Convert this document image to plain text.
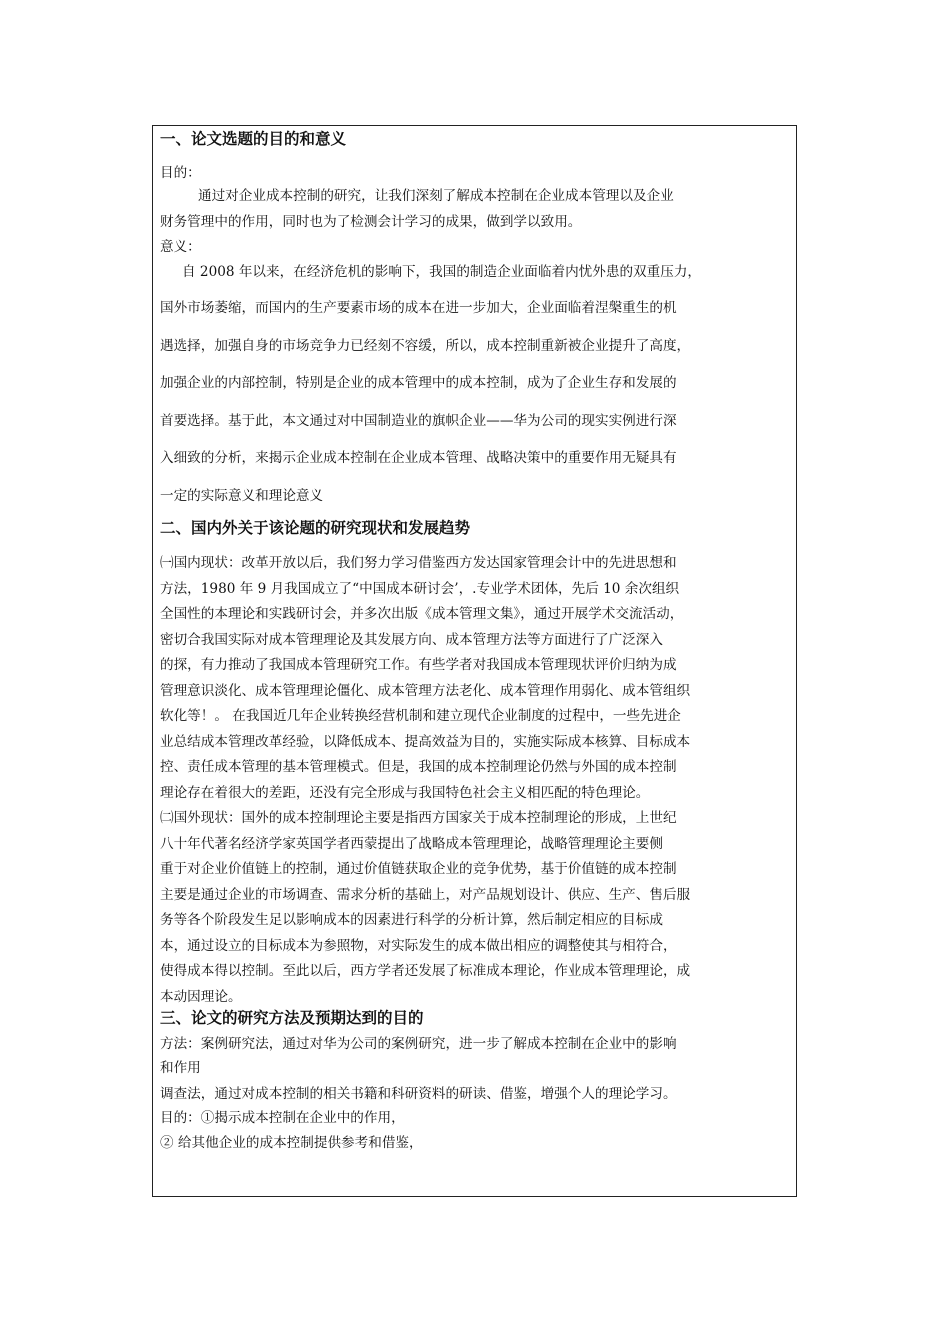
一、论文选题的目的和意义
目的：
通过对企业成本控制的研究，让我们深刻了解成本控制在企业成本管理以及企业
财务管理中的作用，同时也为了检测会计学习的成果，做到学以致用。
意义：
自 2008 年以来，在经济危机的影响下，我国的制造企业面临着内忧外患的双重压力，
国外市场萎缩，而国内的生产要素市场的成本在进一步加大，企业面临着涅槃重生的机
遇选择，加强自身的市场竞争力已经刻不容缓，所以，成本控制重新被企业提升了高度，
加强企业的内部控制，特别是企业的成本管理中的成本控制，成为了企业生存和发展的
首要选择。基于此，本文通过对中国制造业的旗帜企业——华为公司的现实实例进行深
入细致的分析，来揭示企业成本控制在企业成本管理、战略决策中的重要作用无疑具有
一定的实际意义和理论意义
二、国内外关于该论题的研究现状和发展趋势
㈠国内现状：改革开放以后，我们努力学习借鉴西方发达国家管理会计中的先进思想和
方法，1980 年 9 月我国成立了“中国成本研讨会’，.专业学术团体，先后 10 余次组织
全国性的本理论和实践研讨会，并多次出版《成本管理文集》，通过开展学术交流活动，
密切合我国实际对成本管理理论及其发展方向、成本管理方法等方面进行了广泛深入
的探，有力推动了我国成本管理研究工作。有些学者对我国成本管理现状评价归纳为成
管理意识淡化、成本管理理论僵化、成本管理方法老化、成本管理作用弱化、成本管组织
软化等！。 在我国近几年企业转换经营机制和建立现代企业制度的过程中，一些先进企
业总结成本管理改革经验，以降低成本、提高效益为目的，实施实际成本核算、目标成本
控、责任成本管理的基本管理模式。但是，我国的成本控制理论仍然与外国的成本控制
理论存在着很大的差距，还没有完全形成与我国特色社会主义相匹配的特色理论。
㈡国外现状：国外的成本控制理论主要是指西方国家关于成本控制理论的形成，上世纪
八十年代著名经济学家英国学者西蒙提出了战略成本管理理论，战略管理理论主要侧
重于对企业价值链上的控制，通过价值链获取企业的竞争优势，基于价值链的成本控制
主要是通过企业的市场调查、需求分析的基础上，对产品规划设计、供应、生产、售后服
务等各个阶段发生足以影响成本的因素进行科学的分析计算，然后制定相应的目标成
本，通过设立的目标成本为参照物，对实际发生的成本做出相应的调整使其与相符合，
使得成本得以控制。至此以后，西方学者还发展了标准成本理论，作业成本管理理论，成
本动因理论。
三、论文的研究方法及预期达到的目的
方法：案例研究法，通过对华为公司的案例研究，进一步了解成本控制在企业中的影响
和作用
调查法，通过对成本控制的相关书籍和科研资料的研读、借鉴，增强个人的理论学习。
目的：①揭示成本控制在企业中的作用，
② 给其他企业的成本控制提供参考和借鉴，
